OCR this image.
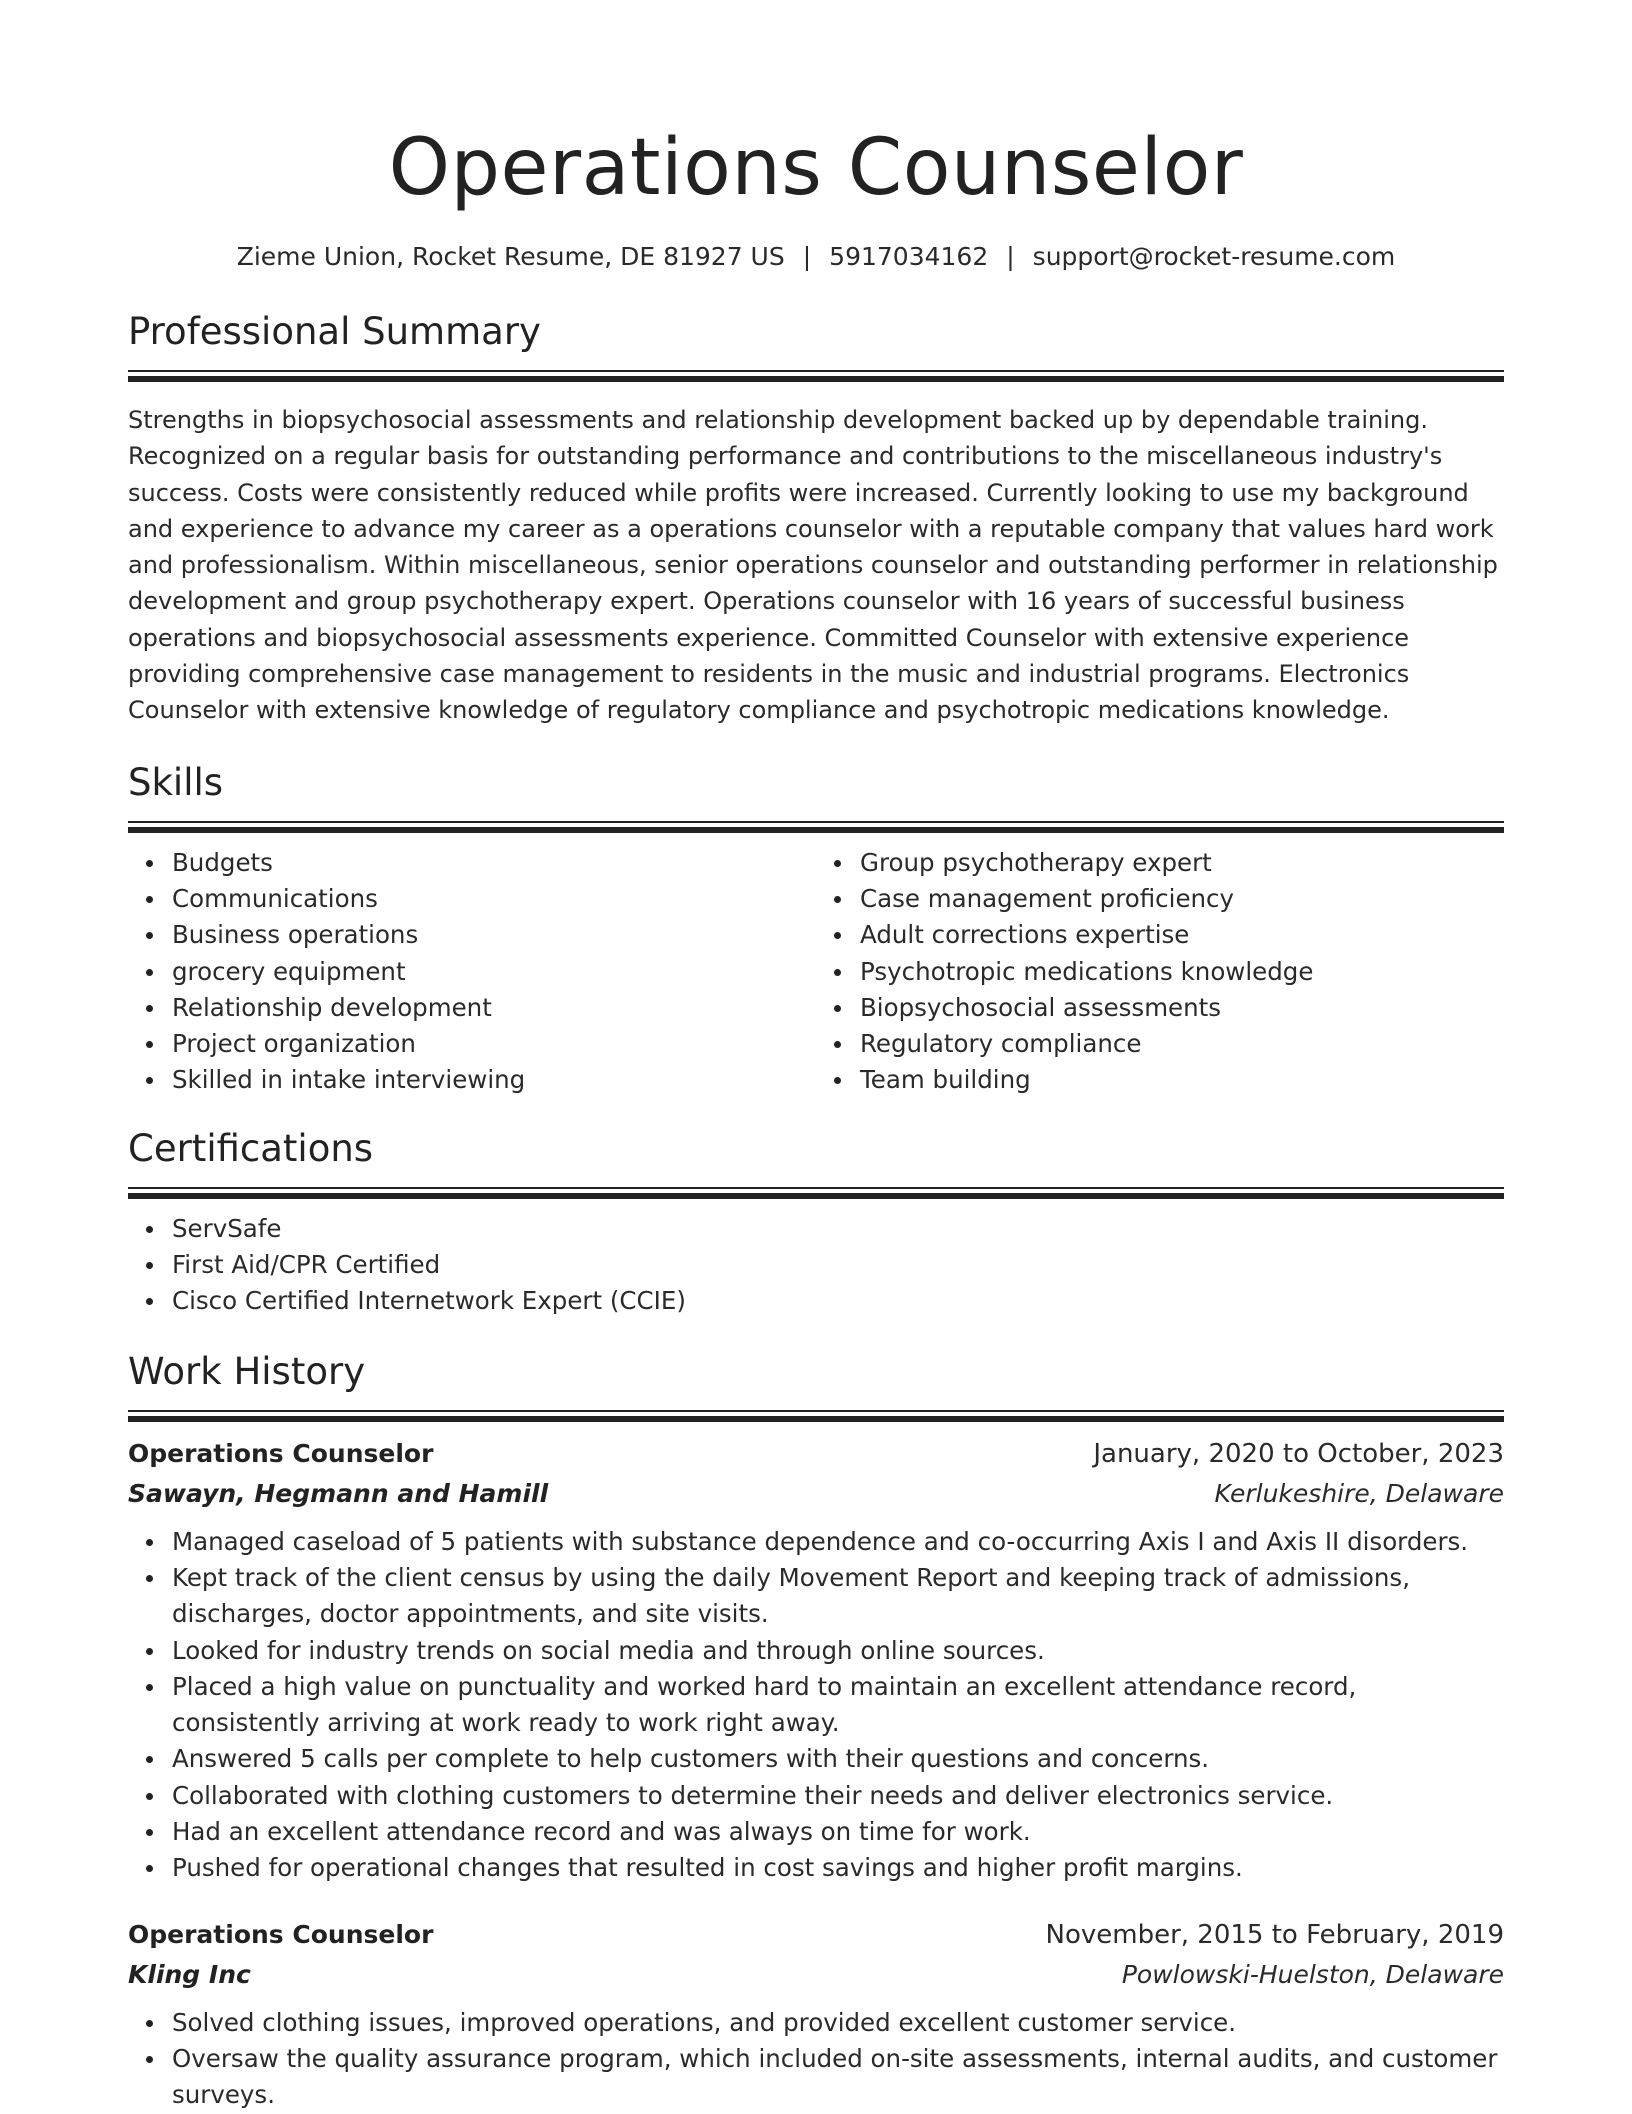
Operations Counselor
Zieme Union, Rocket Resume, DE 81927 US | 5917034162 | support@rocket-resume.com
Professional Summary
Strengths in biopsychosocial assessments and relationship development backed up by dependable training. Recognized on a regular basis for outstanding performance and contributions to the miscellaneous industry's success. Costs were consistently reduced while profits were increased. Currently looking to use my background and experience to advance my career as a operations counselor with a reputable company that values hard work and professionalism. Within miscellaneous, senior operations counselor and outstanding performer in relationship development and group psychotherapy expert. Operations counselor with 16 years of successful business operations and biopsychosocial assessments experience. Committed Counselor with extensive experience providing comprehensive case management to residents in the music and industrial programs. Electronics Counselor with extensive knowledge of regulatory compliance and psychotropic medications knowledge.
Skills
Budgets
Communications
Business operations
grocery equipment
Relationship development
Project organization
Skilled in intake interviewing
Group psychotherapy expert
Case management proficiency
Adult corrections expertise
Psychotropic medications knowledge
Biopsychosocial assessments
Regulatory compliance
Team building
Certifications
ServSafe
First Aid/CPR Certified
Cisco Certified Internetwork Expert (CCIE)
Work History
Operations Counselor	January, 2020 to October, 2023
Sawayn, Hegmann and Hamill	Kerlukeshire, Delaware
Managed caseload of 5 patients with substance dependence and co-occurring Axis I and Axis II disorders.
Kept track of the client census by using the daily Movement Report and keeping track of admissions, discharges, doctor appointments, and site visits.
Looked for industry trends on social media and through online sources.
Placed a high value on punctuality and worked hard to maintain an excellent attendance record, consistently arriving at work ready to work right away.
Answered 5 calls per complete to help customers with their questions and concerns.
Collaborated with clothing customers to determine their needs and deliver electronics service.
Had an excellent attendance record and was always on time for work.
Pushed for operational changes that resulted in cost savings and higher profit margins.
Operations Counselor	November, 2015 to February, 2019
Kling Inc	Powlowski-Huelston, Delaware
Solved clothing issues, improved operations, and provided excellent customer service.
Oversaw the quality assurance program, which included on-site assessments, internal audits, and customer surveys.
